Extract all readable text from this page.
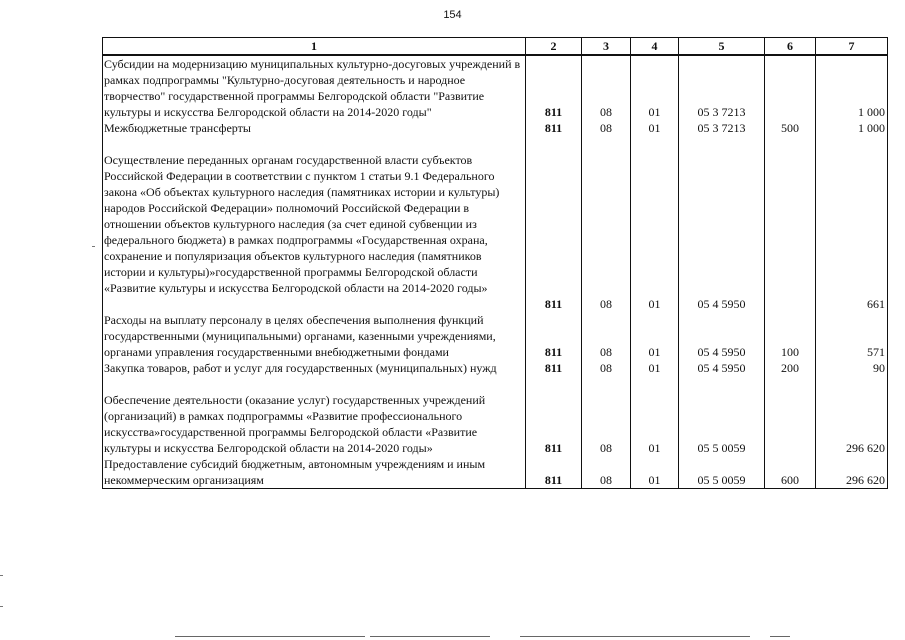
154
1	2	3	4	5	6	7
Субсидии на модернизацию муниципальных культурно-досуговых учреждений в рамках подпрограммы "Культурно-досуговая деятельность и народное творчество" государственной программы Белгородской области "Развитие культуры и искусства Белгородской области на 2014-2020 годы"	811	08	01	05 3 7213		1 000
Межбюджетные трансферты	811	08	01	05 3 7213	500	1 000

Осуществление переданных органам государственной власти субъектов Российской Федерации в соответствии с пунктом 1 статьи 9.1 Федерального закона «Об объектах культурного наследия (памятниках истории и культуры) народов Российской Федерации» полномочий Российской Федерации в отношении объектов культурного наследия (за счет единой субвенции из федерального бюджета) в рамках подпрограммы «Государственная охрана, сохранение и популяризация объектов культурного наследия (памятников истории и культуры)»государственной программы Белгородской области «Развитие культуры и искусства Белгородской области на 2014-2020 годы»	811	08	01	05 4 5950		661
Расходы на выплату персоналу в целях обеспечения выполнения функций государственными (муниципальными) органами, казенными учреждениями, органами управления государственными внебюджетными фондами	811	08	01	05 4 5950	100	571
Закупка товаров, работ и услуг для государственных (муниципальных) нужд	811	08	01	05 4 5950	200	90

Обеспечение деятельности (оказание услуг) государственных учреждений (организаций) в рамках подпрограммы «Развитие профессионального искусства»государственной программы Белгородской области «Развитие культуры и искусства Белгородской области на 2014-2020 годы»	811	08	01	05 5 0059		296 620
Предоставление субсидий бюджетным, автономным учреждениям и иным некоммерческим организациям	811	08	01	05 5 0059	600	296 620
